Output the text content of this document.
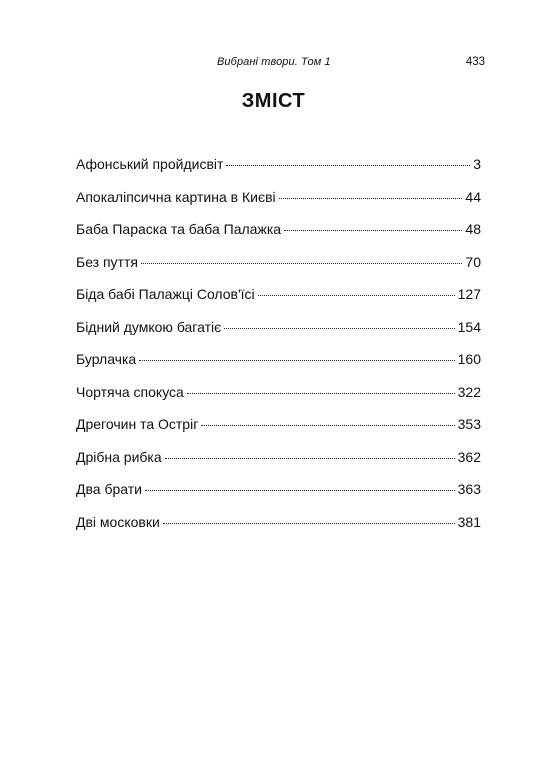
Вибрані твори. Том 1	433
ЗМІСТ
Афонський пройдисвіт	3
Апокаліпсична картина в Києві	44
Баба Параска та баба Палажка	48
Без пуття	70
Біда бабі Палажці Солов'їсі	127
Бідний думкою багатіє	154
Бурлачка	160
Чортяча спокуса	322
Дрегочин та Остріг	353
Дрібна рибка	362
Два брати	363
Дві московки	381
